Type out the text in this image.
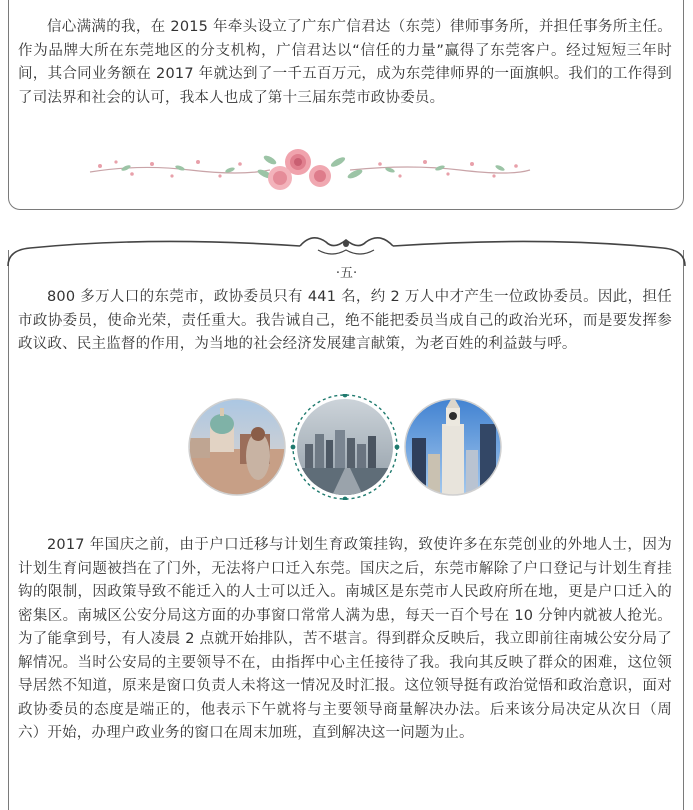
信心满满的我，在 2015 年牵头设立了广东广信君达（东莞）律师事务所，并担任事务所主任。作为品牌大所在东莞地区的分支机构，广信君达以“信任的力量”赢得了东莞客户。经过短短三年时间，其合同业务额在 2017 年就达到了一千五百万元，成为东莞律师界的一面旗帜。我们的工作得到了司法界和社会的认可，我本人也成了第十三届东莞市政协委员。

·五·

800 多万人口的东莞市，政协委员只有 441 名，约 2 万人中才产生一位政协委员。因此，担任市政协委员，使命光荣，责任重大。我告诫自己，绝不能把委员当成自己的政治光环，而是要发挥参政议政、民主监督的作用，为当地的社会经济发展建言献策，为老百姓的利益鼓与呼。

2017 年国庆之前，由于户口迁移与计划生育政策挂钩，致使许多在东莞创业的外地人士，因为计划生育问题被挡在了门外，无法将户口迁入东莞。国庆之后，东莞市解除了户口登记与计划生育挂钩的限制，因政策导致不能迁入的人士可以迁入。南城区是东莞市人民政府所在地，更是户口迁入的密集区。南城区公安分局这方面的办事窗口常常人满为患，每天一百个号在 10 分钟内就被人抢光。为了能拿到号，有人凌晨 2 点就开始排队，苦不堪言。得到群众反映后，我立即前往南城公安分局了解情况。当时公安局的主要领导不在，由指挥中心主任接待了我。我向其反映了群众的困难，这位领导居然不知道，原来是窗口负责人未将这一情况及时汇报。这位领导挺有政治觉悟和政治意识，面对政协委员的态度是端正的，他表示下午就将与主要领导商量解决办法。后来该分局决定从次日（周六）开始，办理户政业务的窗口在周末加班，直到解决这一问题为止。
